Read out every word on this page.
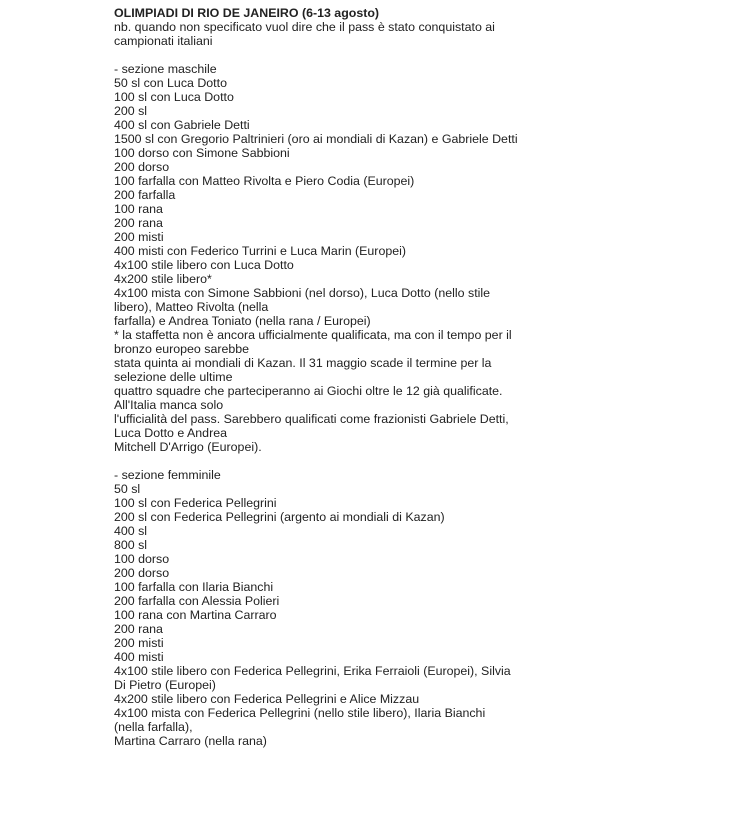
OLIMPIADI DI RIO DE JANEIRO (6-13 agosto)
nb. quando non specificato vuol dire che il pass è stato conquistato ai
campionati italiani
- sezione maschile
50 sl con Luca Dotto
100 sl con Luca Dotto
200 sl
400 sl con Gabriele Detti
1500 sl con Gregorio Paltrinieri (oro ai mondiali di Kazan) e Gabriele Detti
100 dorso con Simone Sabbioni
200 dorso
100 farfalla con Matteo Rivolta e Piero Codia (Europei)
200 farfalla
100 rana
200 rana
200 misti
400 misti con Federico Turrini e Luca Marin (Europei)
4x100 stile libero con Luca Dotto
4x200 stile libero*
4x100 mista con Simone Sabbioni (nel dorso), Luca Dotto (nello stile
libero), Matteo Rivolta (nella
farfalla) e Andrea Toniato (nella rana / Europei)
* la staffetta non è ancora ufficialmente qualificata, ma con il tempo per il
bronzo europeo sarebbe
stata quinta ai mondiali di Kazan. Il 31 maggio scade il termine per la
selezione delle ultime
quattro squadre che parteciperanno ai Giochi oltre le 12 già qualificate.
All'Italia manca solo
l'ufficialità del pass. Sarebbero qualificati come frazionisti Gabriele Detti,
Luca Dotto e Andrea
Mitchell D'Arrigo (Europei).
- sezione femminile
50 sl
100 sl con Federica Pellegrini
200 sl con Federica Pellegrini (argento ai mondiali di Kazan)
400 sl
800 sl
100 dorso
200 dorso
100 farfalla con Ilaria Bianchi
200 farfalla con Alessia Polieri
100 rana con Martina Carraro
200 rana
200 misti
400 misti
4x100 stile libero con Federica Pellegrini, Erika Ferraioli (Europei), Silvia
Di Pietro (Europei)
4x200 stile libero con Federica Pellegrini e Alice Mizzau
4x100 mista con Federica Pellegrini (nello stile libero), Ilaria Bianchi
(nella farfalla),
Martina Carraro (nella rana)
